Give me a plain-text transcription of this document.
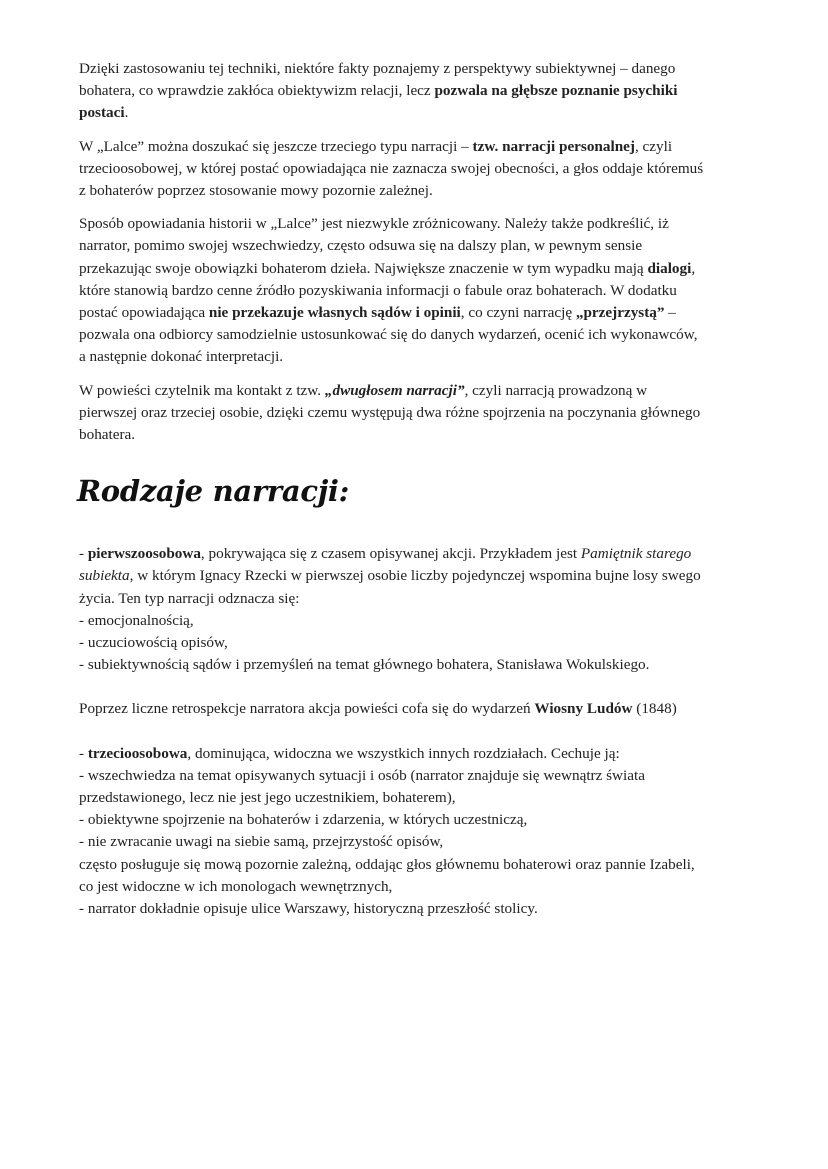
Dzięki zastosowaniu tej techniki, niektóre fakty poznajemy z perspektywy subiektywnej – danego
bohatera, co wprawdzie zakłóca obiektywizm relacji, lecz pozwala na głębsze poznanie psychiki
postaci.

W „Lalce” można doszukać się jeszcze trzeciego typu narracji – tzw. narracji personalnej, czyli
trzecioosobowej, w której postać opowiadająca nie zaznacza swojej obecności, a głos oddaje któremuś
z bohaterów poprzez stosowanie mowy pozornie zależnej.

Sposób opowiadania historii w „Lalce” jest niezwykle zróżnicowany. Należy także podkreślić, iż
narrator, pomimo swojej wszechwiedzy, często odsuwa się na dalszy plan, w pewnym sensie
przekazując swoje obowiązki bohaterom dzieła. Największe znaczenie w tym wypadku mają dialogi,
które stanowią bardzo cenne źródło pozyskiwania informacji o fabule oraz bohaterach. W dodatku
postać opowiadająca nie przekazuje własnych sądów i opinii, co czyni narrację „przejrzystą” –
pozwala ona odbiorcy samodzielnie ustosunkować się do danych wydarzeń, ocenić ich wykonawców,
a następnie dokonać interpretacji.

W powieści czytelnik ma kontakt z tzw. „dwugłosem narracji”, czyli narracją prowadzoną w
pierwszej oraz trzeciej osobie, dzięki czemu występują dwa różne spojrzenia na poczynania głównego
bohatera.

Rodzaje narracji:
- pierwszoosobowa, pokrywająca się z czasem opisywanej akcji. Przykładem jest Pamiętnik starego
subiekta, w którym Ignacy Rzecki w pierwszej osobie liczby pojedynczej wspomina bujne losy swego
życia. Ten typ narracji odznacza się:
- emocjonalnością,
- uczuciowością opisów,
- subiektywnością sądów i przemyśleń na temat głównego bohatera, Stanisława Wokulskiego.
Poprzez liczne retrospekcje narratora akcja powieści cofa się do wydarzeń Wiosny Ludów (1848)
- trzecioosobowa, dominująca, widoczna we wszystkich innych rozdziałach. Cechuje ją:
- wszechwiedza na temat opisywanych sytuacji i osób (narrator znajduje się wewnątrz świata
przedstawionego, lecz nie jest jego uczestnikiem, bohaterem),
- obiektywne spojrzenie na bohaterów i zdarzenia, w których uczestniczą,
- nie zwracanie uwagi na siebie samą, przejrzystość opisów,
często posługuje się mową pozornie zależną, oddając głos głównemu bohaterowi oraz pannie Izabeli,
co jest widoczne w ich monologach wewnętrznych,
- narrator dokładnie opisuje ulice Warszawy, historyczną przeszłość stolicy.
